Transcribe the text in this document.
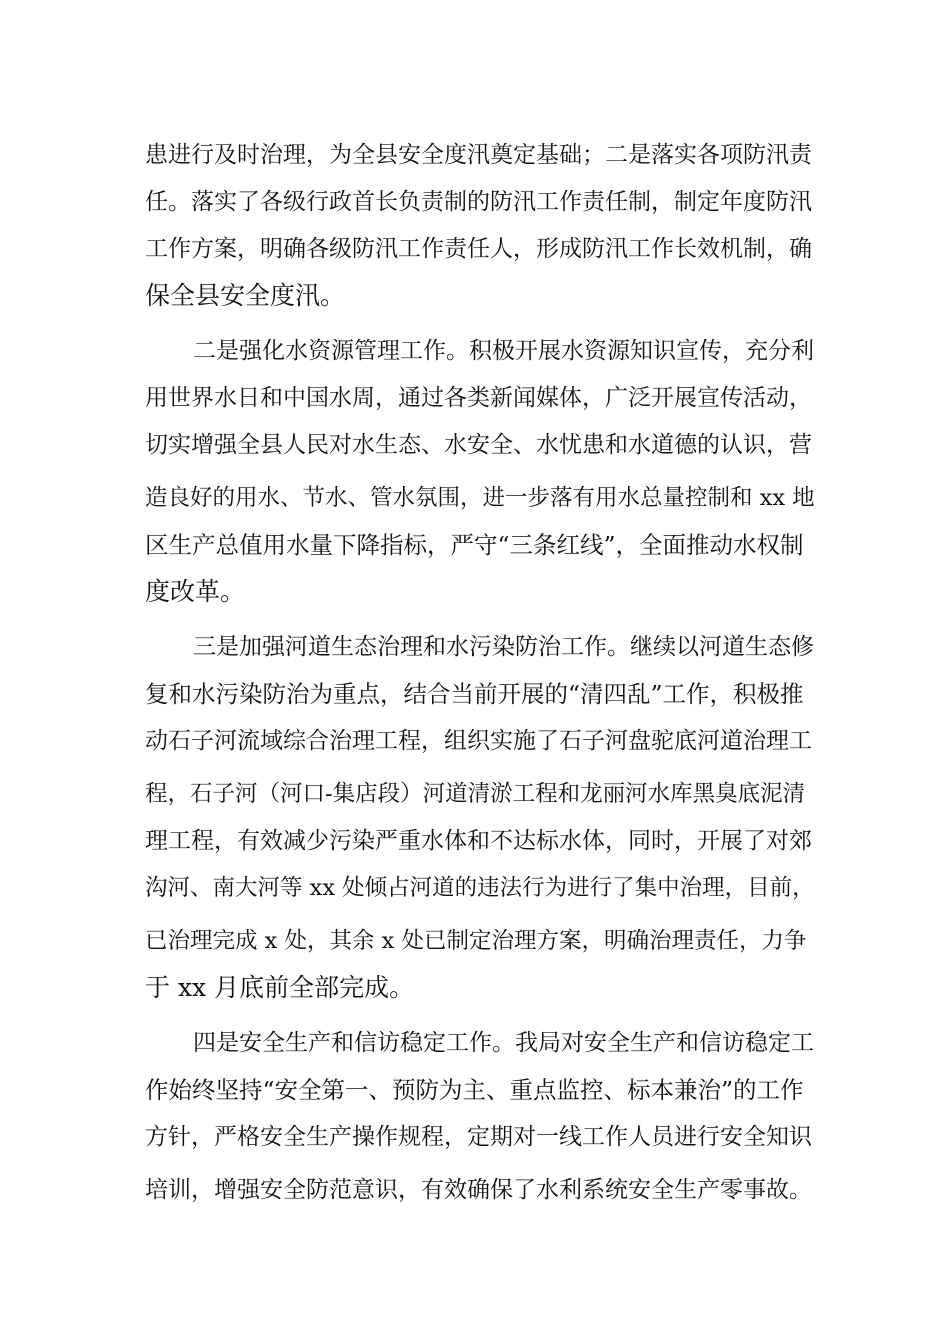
患进行及时治理，为全县安全度汛奠定基础；二是落实各项防汛责
任。落实了各级行政首长负责制的防汛工作责任制，制定年度防汛
工作方案，明确各级防汛工作责任人，形成防汛工作长效机制，确
保全县安全度汛。
二是强化水资源管理工作。积极开展水资源知识宣传，充分利
用世界水日和中国水周，通过各类新闻媒体，广泛开展宣传活动，
切实增强全县人民对水生态、水安全、水忧患和水道德的认识，营
造良好的用水、节水、管水氛围，进一步落有用水总量控制和 xx 地
区生产总值用水量下降指标，严守“三条红线”，全面推动水权制
度改革。
三是加强河道生态治理和水污染防治工作。继续以河道生态修
复和水污染防治为重点，结合当前开展的“清四乱”工作，积极推
动石子河流域综合治理工程，组织实施了石子河盘驼底河道治理工
程，石子河（河口-集店段）河道清淤工程和龙丽河水库黑臭底泥清
理工程，有效减少污染严重水体和不达标水体，同时，开展了对郊
沟河、南大河等 xx 处倾占河道的违法行为进行了集中治理，目前，
已治理完成 x 处，其余 x 处已制定治理方案，明确治理责任，力争
于 xx 月底前全部完成。
四是安全生产和信访稳定工作。我局对安全生产和信访稳定工
作始终坚持“安全第一、预防为主、重点监控、标本兼治”的工作
方针，严格安全生产操作规程，定期对一线工作人员进行安全知识
培训，增强安全防范意识，有效确保了水利系统安全生产零事故。
